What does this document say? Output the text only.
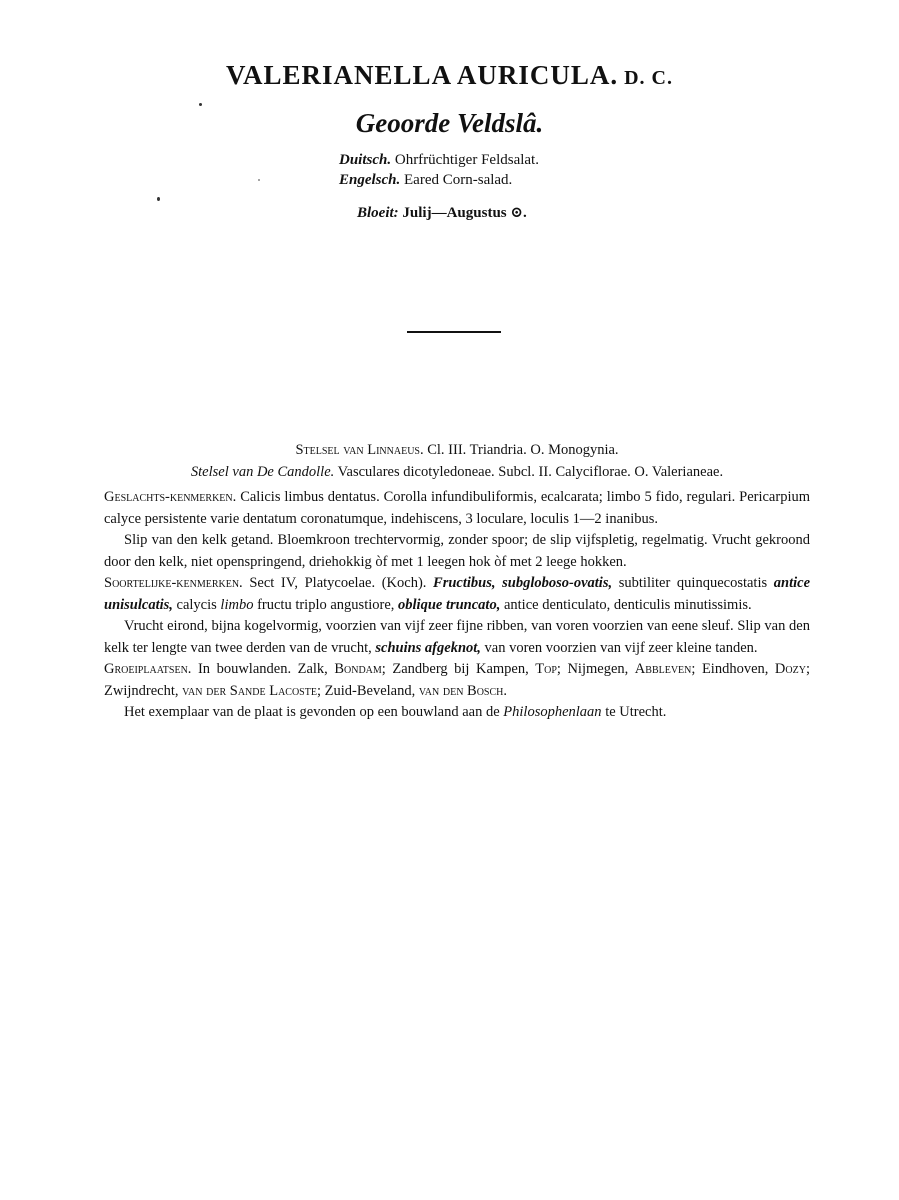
VALERIANELLA AURICULA. D. C.
Geoorde Veldslâ.
Duitsch. Ohrfrüchtiger Feldsalat.
Engelsch. Eared Corn-salad.
Bloeit: Julij—Augustus ⊙.

Stelsel van Linnaeus. Cl. III. Triandria. O. Monogynia.

Stelsel van De Candolle. Vasculares dicotyledoneae. Subcl. II. Calyciflorae. O. Valerianeae.

Geslachts-kenmerken. Calicis limbus dentatus. Corolla infundibuliformis, ecalcarata; limbo 5 fido, regulari. Pericarpium calyce persistente varie dentatum coronatumque, indehiscens, 3 loculare, loculis 1—2 inanibus.

Slip van den kelk getand. Bloemkroon trechtervormig, zonder spoor; de slip vijfspletig, regelmatig. Vrucht gekroond door den kelk, niet openspringend, driehokkig òf met 1 leegen hok òf met 2 leege hokken.

Soortelijke-kenmerken. Sect IV, Platycoelae. (Koch). Fructibus, subgloboso-ovatis, subtiliter quinquecostatis antice unisulcatis, calycis limbo fructu triplo angustiore, oblique truncato, antice denticulato, denticulis minutissimis.

Vrucht eirond, bijna kogelvormig, voorzien van vijf zeer fijne ribben, van voren voorzien van eene sleuf. Slip van den kelk ter lengte van twee derden van de vrucht, schuins afgeknot, van voren voorzien van vijf zeer kleine tanden.

Groeiplaatsen. In bouwlanden. Zalk, Bondam; Zandberg bij Kampen, Top; Nijmegen, Abbleven; Eindhoven, Dozy; Zwijndrecht, van der Sande Lacoste; Zuid-Beveland, van den Bosch.

Het exemplaar van de plaat is gevonden op een bouwland aan de Philosophenlaan te Utrecht.
